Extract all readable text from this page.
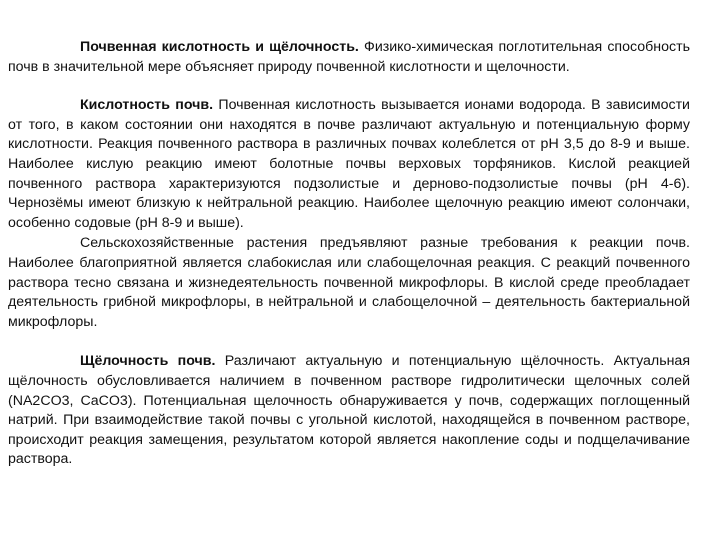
Почвенная кислотность и щёлочность. Физико-химическая поглотительная способность почв в значительной мере объясняет природу почвенной кислотности и щелочности.

Кислотность почв. Почвенная кислотность вызывается ионами водорода. В зависимости от того, в каком состоянии они находятся в почве различают актуальную и потенциальную форму кислотности. Реакция почвенного раствора в различных почвах колеблется от рН 3,5 до 8-9 и выше. Наиболее кислую реакцию имеют болотные почвы верховых торфяников. Кислой реакцией почвенного раствора характеризуются подзолистые и дерново-подзолистые почвы (рН 4-6). Чернозёмы имеют близкую к нейтральной реакцию. Наиболее щелочную реакцию имеют солончаки, особенно содовые (рН 8-9 и выше).

Сельскохозяйственные растения предъявляют разные требования к реакции почв. Наиболее благоприятной является слабокислая или слабощелочная реакция. С реакций почвенного раствора тесно связана и жизнедеятельность почвенной микрофлоры. В кислой среде преобладает деятельность грибной микрофлоры, в нейтральной и слабощелочной – деятельность бактериальной микрофлоры.

Щёлочность почв. Различают актуальную и потенциальную щёлочность. Актуальная щёлочность обусловливается наличием в почвенном растворе гидролитически щелочных солей (NA2CO3, CaCO3). Потенциальная щелочность обнаруживается у почв, содержащих поглощенный натрий. При взаимодействие такой почвы с угольной кислотой, находящейся в почвенном растворе, происходит реакция замещения, результатом которой является накопление соды и подщелачивание раствора.
